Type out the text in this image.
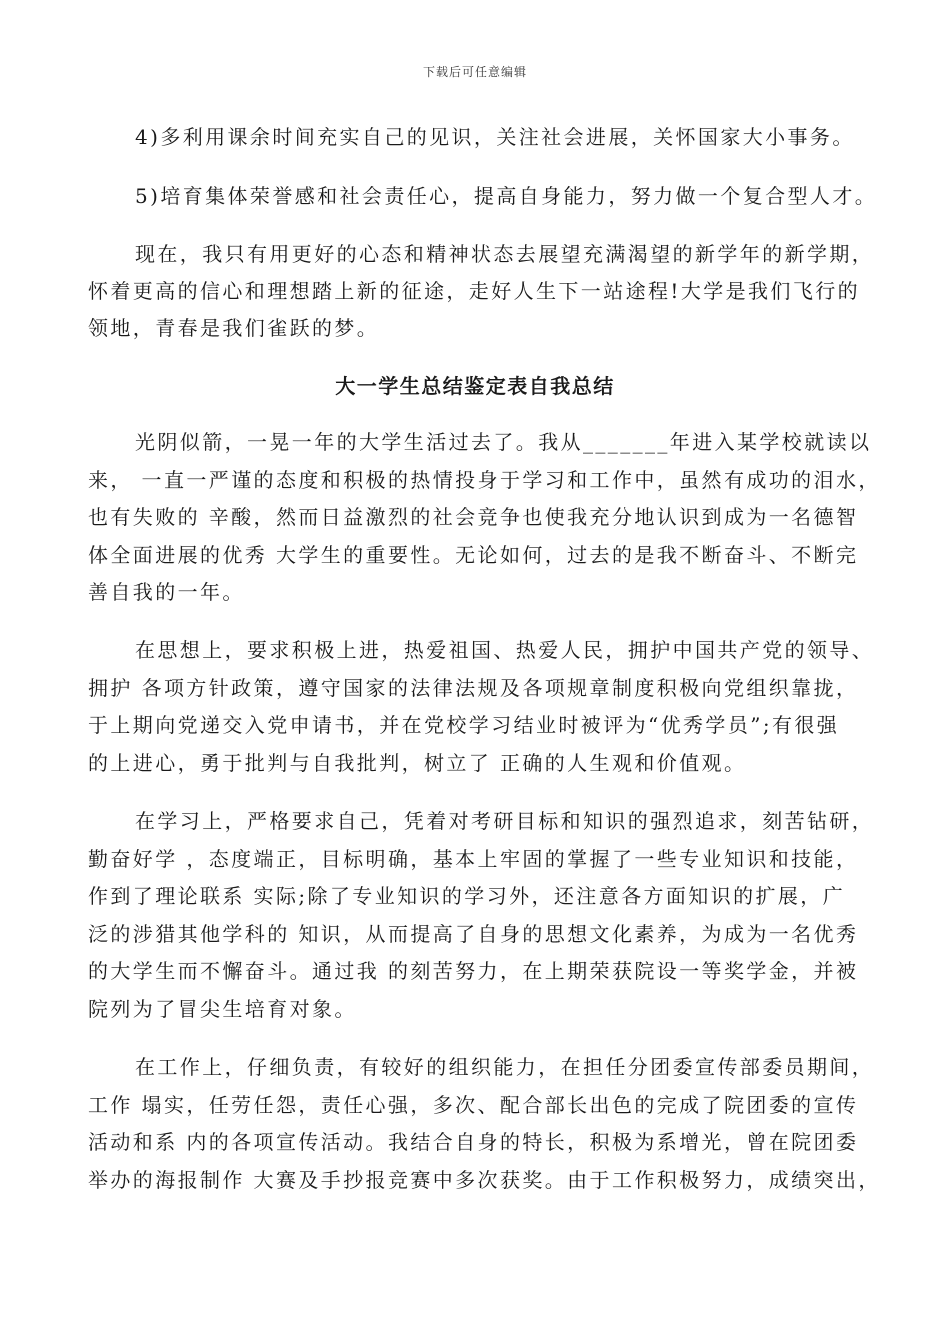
下载后可任意编辑
4)多利用课余时间充实自己的见识，关注社会进展，关怀国家大小事务。
5)培育集体荣誉感和社会责任心，提高自身能力，努力做一个复合型人才。
现在，我只有用更好的心态和精神状态去展望充满渴望的新学年的新学期，
怀着更高的信心和理想踏上新的征途，走好人生下一站途程!大学是我们飞行的
领地，青春是我们雀跃的梦。
大一学生总结鉴定表自我总结
光阴似箭，一晃一年的大学生活过去了。我从_______年进入某学校就读以
来， 一直一严谨的态度和积极的热情投身于学习和工作中，虽然有成功的泪水，
也有失败的 辛酸，然而日益激烈的社会竞争也使我充分地认识到成为一名德智
体全面进展的优秀 大学生的重要性。无论如何，过去的是我不断奋斗、不断完
善自我的一年。
在思想上，要求积极上进，热爱祖国、热爱人民，拥护中国共产党的领导、
拥护 各项方针政策，遵守国家的法律法规及各项规章制度积极向党组织靠拢，
于上期向党递交入党申请书，并在党校学习结业时被评为“优秀学员”;有很强
的上进心，勇于批判与自我批判，树立了 正确的人生观和价值观。
在学习上，严格要求自己，凭着对考研目标和知识的强烈追求，刻苦钻研，
勤奋好学 ，态度端正，目标明确，基本上牢固的掌握了一些专业知识和技能，
作到了理论联系 实际;除了专业知识的学习外，还注意各方面知识的扩展，广
泛的涉猎其他学科的 知识，从而提高了自身的思想文化素养，为成为一名优秀
的大学生而不懈奋斗。通过我 的刻苦努力，在上期荣获院设一等奖学金，并被
院列为了冒尖生培育对象。
在工作上，仔细负责，有较好的组织能力，在担任分团委宣传部委员期间，
工作 塌实，任劳任怨，责任心强，多次、配合部长出色的完成了院团委的宣传
活动和系 内的各项宣传活动。我结合自身的特长，积极为系增光，曾在院团委
举办的海报制作 大赛及手抄报竞赛中多次获奖。由于工作积极努力，成绩突出，
